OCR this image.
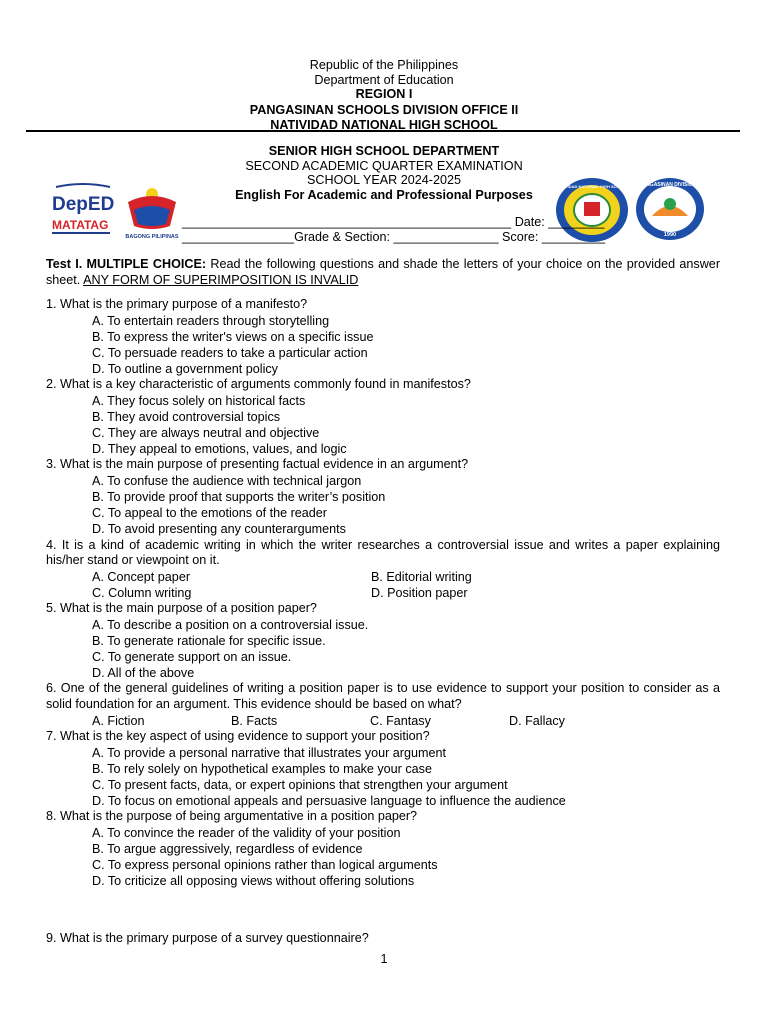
Republic of the Philippines
Department of Education
REGION I
PANGASINAN SCHOOLS DIVISION OFFICE II
NATIVIDAD NATIONAL HIGH SCHOOL
SENIOR HIGH SCHOOL DEPARTMENT
SECOND ACADEMIC QUARTER EXAMINATION
SCHOOL YEAR 2024-2025
English For Academic and Professional Purposes
DepED
MATATAG
BAGONG PILIPINAS
NATIVIDAD NATIONAL HIGH SCHOOL PANGASINAN DIVISION II
1990
_______________________________________________ Date: ________
________________Grade & Section: _______________ Score: _________
Test I. MULTIPLE CHOICE: Read the following questions and shade the letters of your choice on the provided answer sheet. ANY FORM OF SUPERIMPOSITION IS INVALID
1. What is the primary purpose of a manifesto?
A. To entertain readers through storytelling
B. To express the writer's views on a specific issue
C. To persuade readers to take a particular action
D. To outline a government policy
2. What is a key characteristic of arguments commonly found in manifestos?
A. They focus solely on historical facts
B. They avoid controversial topics
C. They are always neutral and objective
D. They appeal to emotions, values, and logic
3. What is the main purpose of presenting factual evidence in an argument?
A. To confuse the audience with technical jargon
B. To provide proof that supports the writer’s position
C. To appeal to the emotions of the reader
D. To avoid presenting any counterarguments
4. It is a kind of academic writing in which the writer researches a controversial issue and writes a paper explaining his/her stand or viewpoint on it.
A. Concept paper	B. Editorial writing
C. Column writing	D. Position paper
5. What is the main purpose of a position paper?
A. To describe a position on a controversial issue.
B. To generate rationale for specific issue.
C. To generate support on an issue.
D. All of the above
6. One of the general guidelines of writing a position paper is to use evidence to support your position to consider as a solid foundation for an argument. This evidence should be based on what?
A. Fiction	B. Facts	C. Fantasy	D. Fallacy
7. What is the key aspect of using evidence to support your position?
A. To provide a personal narrative that illustrates your argument
B. To rely solely on hypothetical examples to make your case
C. To present facts, data, or expert opinions that strengthen your argument
D. To focus on emotional appeals and persuasive language to influence the audience
8. What is the purpose of being argumentative in a position paper?
A. To convince the reader of the validity of your position
B. To argue aggressively, regardless of evidence
C. To express personal opinions rather than logical arguments
D. To criticize all opposing views without offering solutions
9. What is the primary purpose of a survey questionnaire?
1
